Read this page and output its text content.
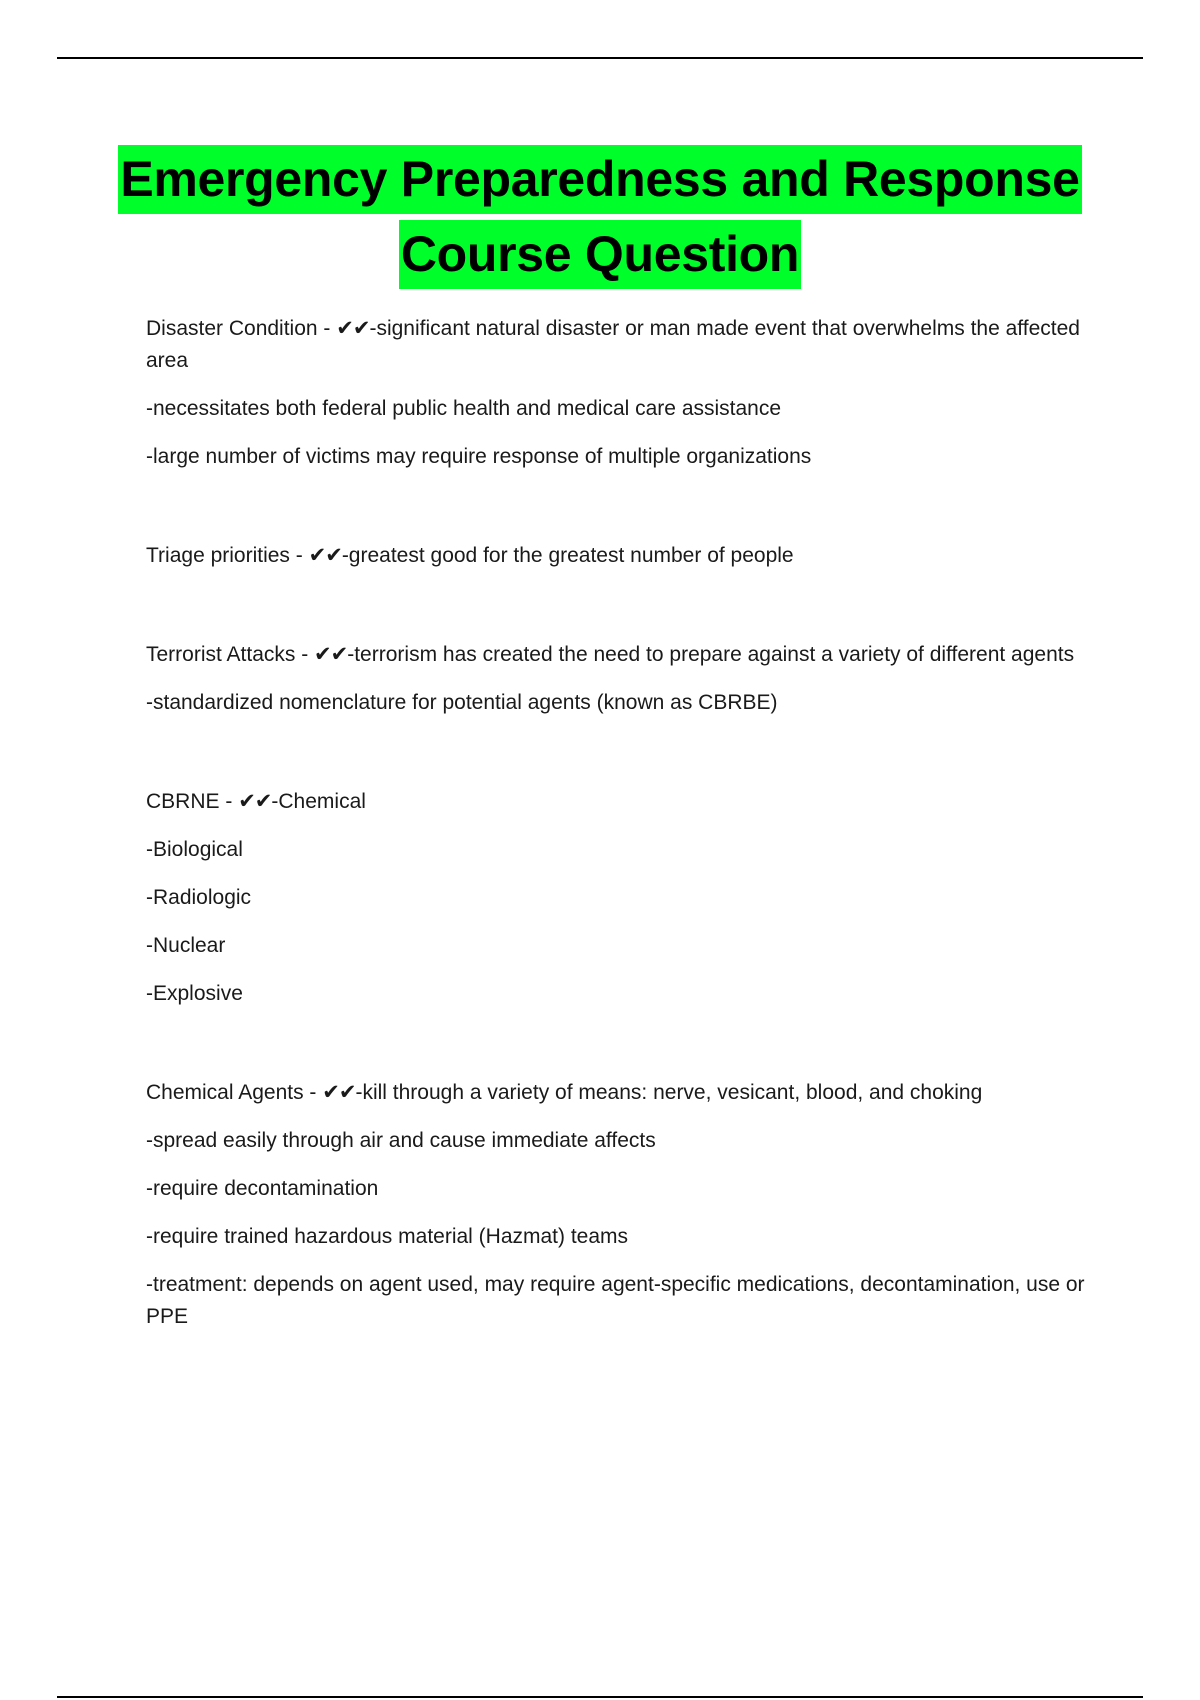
Emergency Preparedness and Response
Course Question

Disaster Condition - ✔✔-significant natural disaster or man made event that overwhelms the affected area

-necessitates both federal public health and medical care assistance

-large number of victims may require response of multiple organizations

Triage priorities - ✔✔-greatest good for the greatest number of people

Terrorist Attacks - ✔✔-terrorism has created the need to prepare against a variety of different agents

-standardized nomenclature for potential agents (known as CBRBE)

CBRNE - ✔✔-Chemical

-Biological

-Radiologic

-Nuclear

-Explosive

Chemical Agents - ✔✔-kill through a variety of means: nerve, vesicant, blood, and choking

-spread easily through air and cause immediate affects

-require decontamination

-require trained hazardous material (Hazmat) teams

-treatment: depends on agent used, may require agent-specific medications, decontamination, use or PPE
